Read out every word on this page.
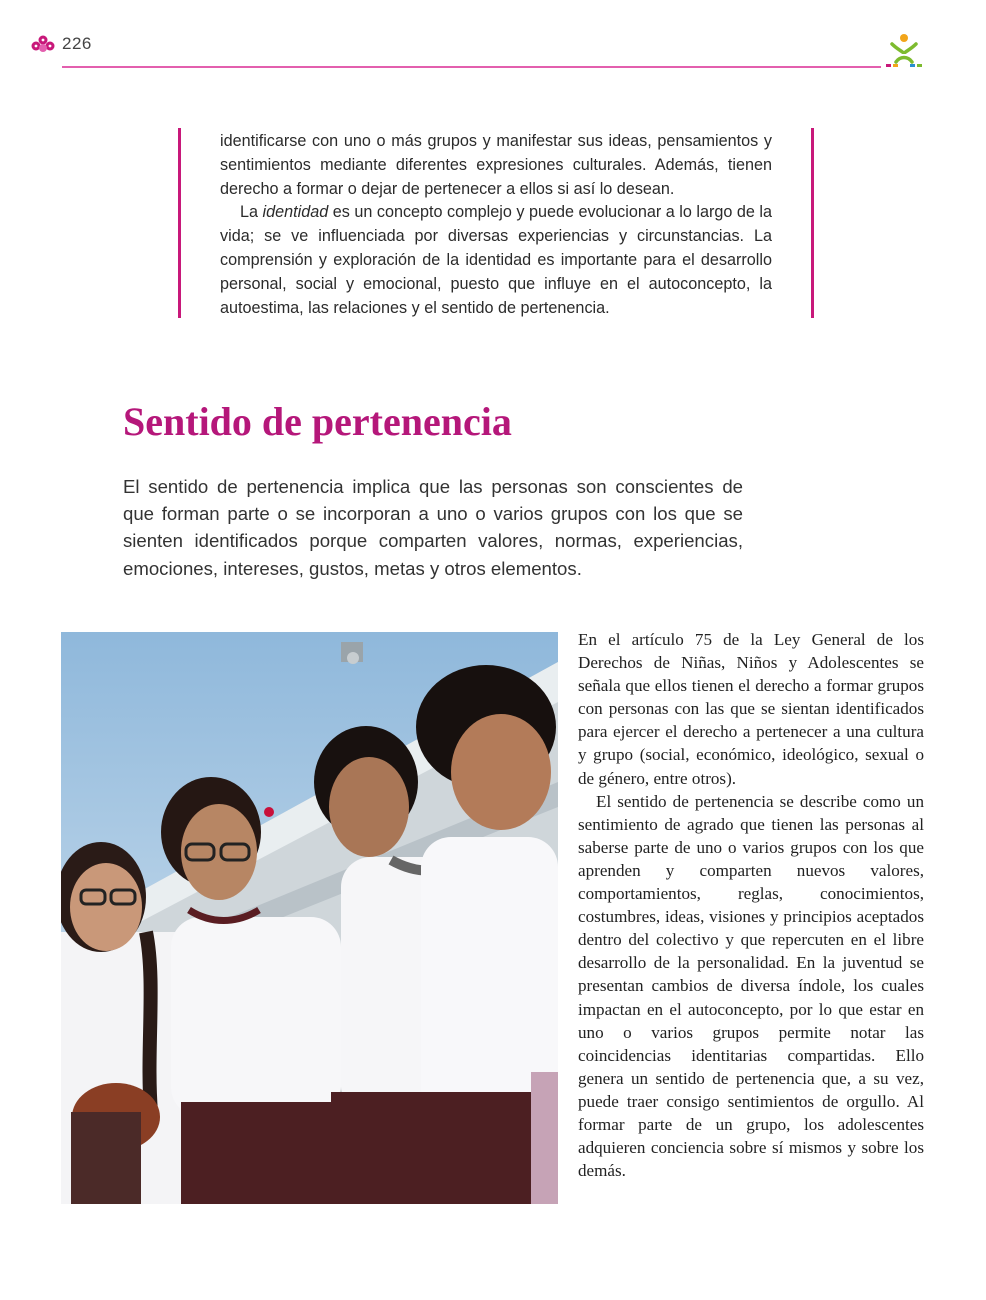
226

identificarse con uno o más grupos y manifestar sus ideas, pensamientos y sentimientos mediante diferentes expresiones culturales. Además, tienen derecho a formar o dejar de pertenecer a ellos si así lo desean.

La identidad es un concepto complejo y puede evolucionar a lo largo de la vida; se ve influenciada por diversas experiencias y circunstancias. La comprensión y exploración de la identidad es importante para el desarrollo personal, social y emocional, puesto que influye en el autoconcepto, la autoestima, las relaciones y el sentido de pertenencia.

Sentido de pertenencia

El sentido de pertenencia implica que las personas son conscientes de que forman parte o se incorporan a uno o varios grupos con los que se sienten identificados porque comparten valores, normas, experiencias, emociones, intereses, gustos, metas y otros elementos.

En el artículo 75 de la Ley General de los Derechos de Niñas, Niños y Adolescentes se señala que ellos tienen el derecho a formar grupos con personas con las que se sientan identificados para ejercer el derecho a pertenecer a una cultura y grupo (social, económico, ideológico, sexual o de género, entre otros).

El sentido de pertenencia se describe como un sentimiento de agrado que tienen las personas al saberse parte de uno o varios grupos con los que aprenden y comparten nuevos valores, comportamientos, reglas, conocimientos, costumbres, ideas, visiones y principios aceptados dentro del colectivo y que repercuten en el libre desarrollo de la personalidad. En la juventud se presentan cambios de diversa índole, los cuales impactan en el autoconcepto, por lo que estar en uno o varios grupos permite notar las coincidencias identitarias compartidas. Ello genera un sentido de pertenencia que, a su vez, puede traer consigo sentimientos de orgullo. Al formar parte de un grupo, los adolescentes adquieren conciencia sobre sí mismos y sobre los demás.
